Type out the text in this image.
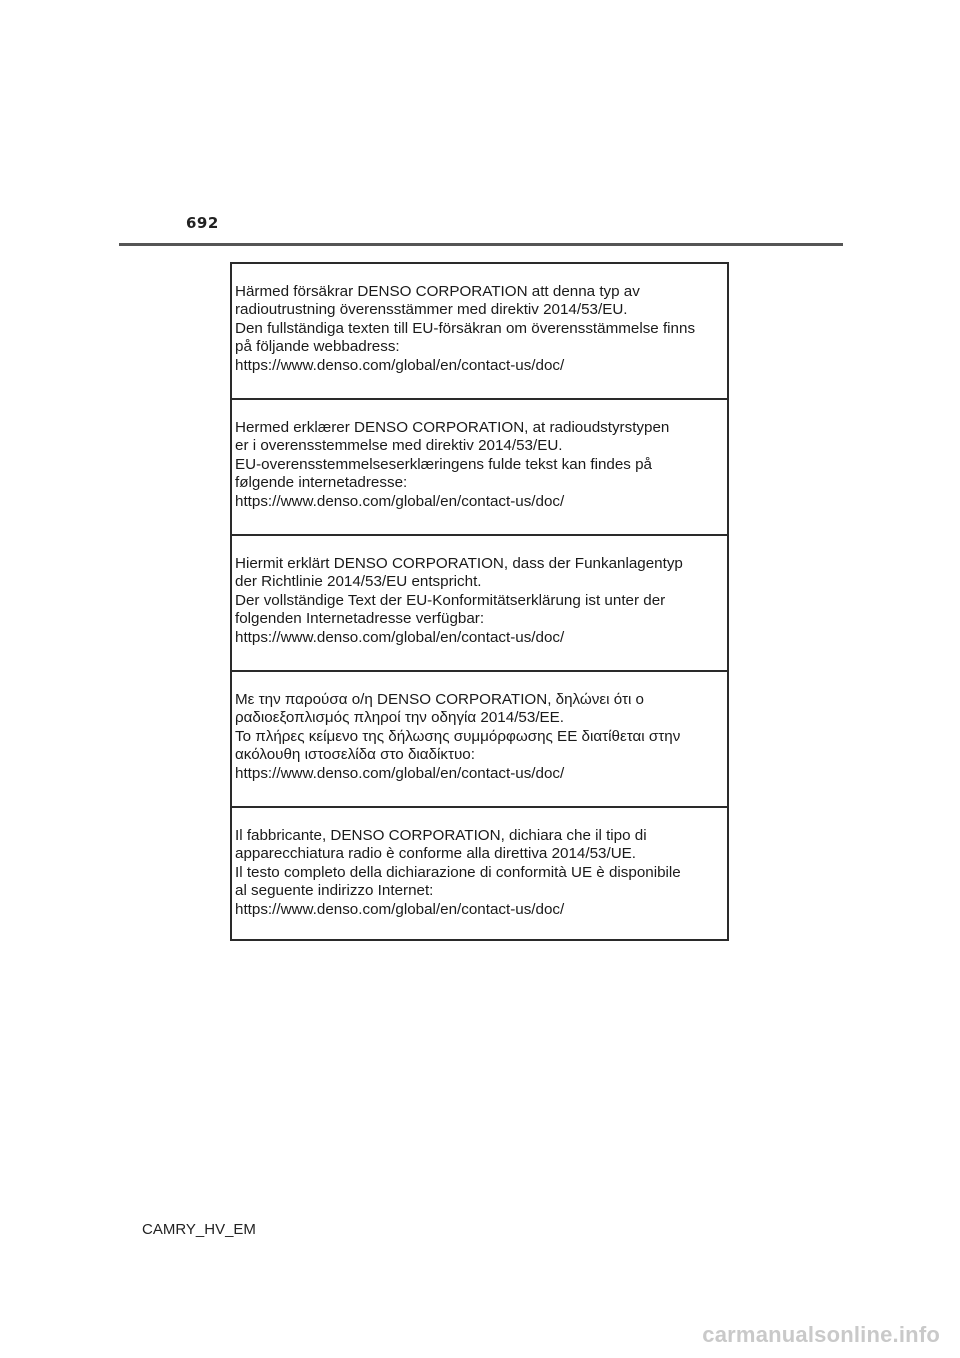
692
Härmed försäkrar DENSO CORPORATION att denna typ av
radioutrustning överensstämmer med direktiv 2014/53/EU.
Den fullständiga texten till EU-försäkran om överensstämmelse finns
på följande webbadress:
https://www.denso.com/global/en/contact-us/doc/
Hermed erklærer DENSO CORPORATION, at radioudstyrstypen
er i overensstemmelse med direktiv 2014/53/EU.
EU-overensstemmelseserklæringens fulde tekst kan findes på
følgende internetadresse:
https://www.denso.com/global/en/contact-us/doc/
Hiermit erklärt DENSO CORPORATION, dass der Funkanlagentyp
der Richtlinie 2014/53/EU entspricht.
Der vollständige Text der EU-Konformitätserklärung ist unter der
folgenden Internetadresse verfügbar:
https://www.denso.com/global/en/contact-us/doc/
Με την παρούσα ο/η DENSO CORPORATION, δηλώνει ότι ο
ραδιοεξοπλισμός πληροί την οδηγία 2014/53/ΕΕ.
Το πλήρες κείμενο της δήλωσης συμμόρφωσης ΕΕ διατίθεται στην
ακόλουθη ιστοσελίδα στο διαδίκτυο:
https://www.denso.com/global/en/contact-us/doc/
Il fabbricante, DENSO CORPORATION, dichiara che il tipo di
apparecchiatura radio è conforme alla direttiva 2014/53/UE.
Il testo completo della dichiarazione di conformità UE è disponibile
al seguente indirizzo Internet:
https://www.denso.com/global/en/contact-us/doc/
CAMRY_HV_EM
carmanualsonline.info
